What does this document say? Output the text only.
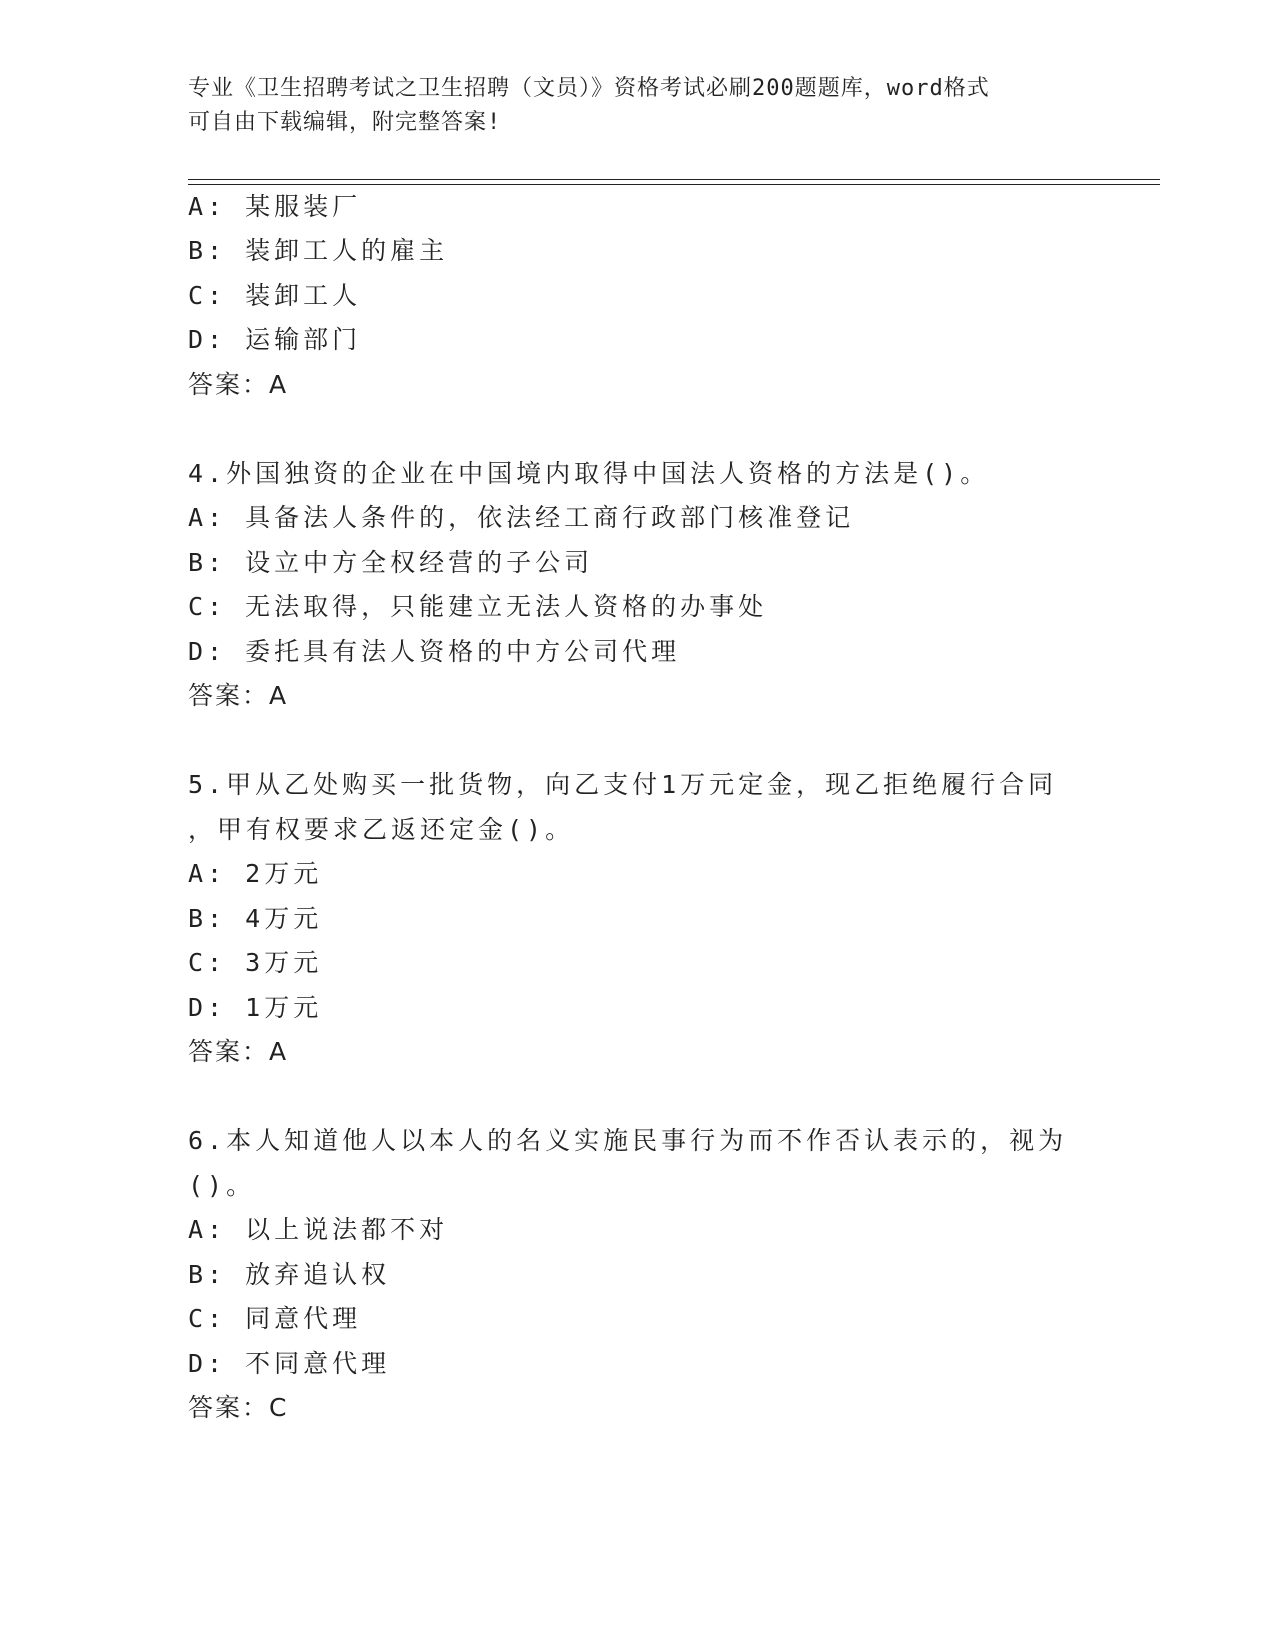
专业《卫生招聘考试之卫生招聘（文员）》资格考试必刷200题题库，word格式
可自由下载编辑，附完整答案!
A: 某服装厂
B: 装卸工人的雇主
C: 装卸工人
D: 运输部门
答案：A
4.外国独资的企业在中国境内取得中国法人资格的方法是()。
A: 具备法人条件的，依法经工商行政部门核准登记
B: 设立中方全权经营的子公司
C: 无法取得，只能建立无法人资格的办事处
D: 委托具有法人资格的中方公司代理
答案：A
5.甲从乙处购买一批货物，向乙支付1万元定金，现乙拒绝履行合同
，甲有权要求乙返还定金()。
A: 2万元
B: 4万元
C: 3万元
D: 1万元
答案：A
6.本人知道他人以本人的名义实施民事行为而不作否认表示的，视为
()。
A: 以上说法都不对
B: 放弃追认权
C: 同意代理
D: 不同意代理
答案：C
